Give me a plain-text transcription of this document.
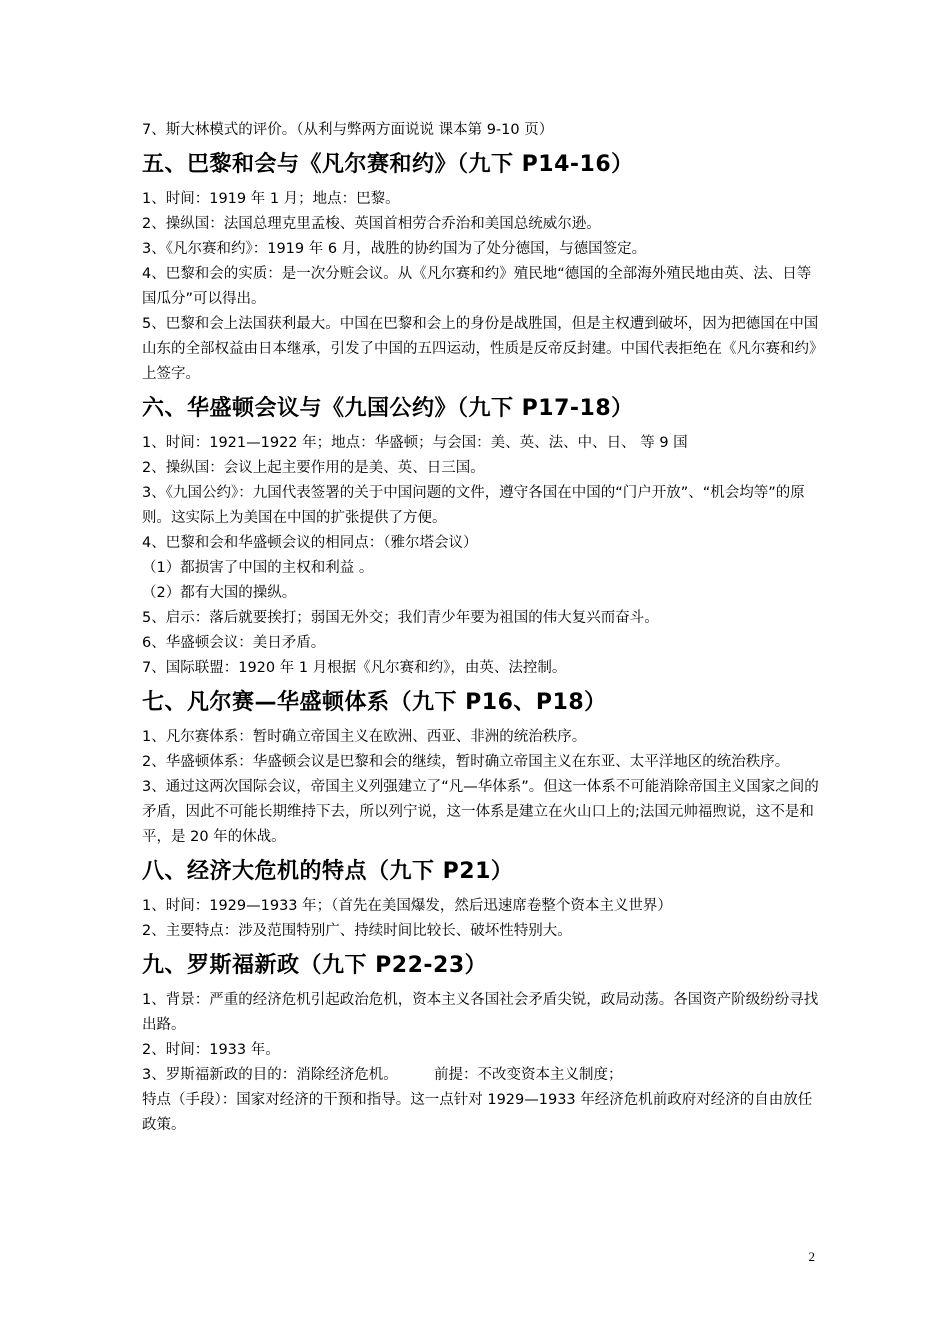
7、斯大林模式的评价。（从利与弊两方面说说 课本第 9-10 页）

五、巴黎和会与《凡尔赛和约》（九下 P14-16）

1、时间：1919 年 1 月；地点：巴黎。

2、操纵国：法国总理克里孟梭、英国首相劳合乔治和美国总统威尔逊。

3、《凡尔赛和约》：1919 年 6 月，战胜的协约国为了处分德国，与德国签定。

4、巴黎和会的实质：是一次分赃会议。从《凡尔赛和约》殖民地“德国的全部海外殖民地由英、法、日等国瓜分”可以得出。

5、巴黎和会上法国获利最大。中国在巴黎和会上的身份是战胜国，但是主权遭到破坏，因为把德国在中国山东的全部权益由日本继承，引发了中国的五四运动，性质是反帝反封建。中国代表拒绝在《凡尔赛和约》上签字。

六、华盛顿会议与《九国公约》（九下 P17-18）

1、时间：1921—1922 年；地点：华盛顿；与会国：美、英、法、中、日、 等 9 国

2、操纵国：会议上起主要作用的是美、英、日三国。

3、《九国公约》：九国代表签署的关于中国问题的文件，遵守各国在中国的“门户开放”、“机会均等”的原则。这实际上为美国在中国的扩张提供了方便。

4、巴黎和会和华盛顿会议的相同点：（雅尔塔会议）

（1）都损害了中国的主权和利益 。

（2）都有大国的操纵。

5、启示：落后就要挨打；弱国无外交；我们青少年要为祖国的伟大复兴而奋斗。

6、华盛顿会议：美日矛盾。

7、国际联盟：1920 年 1 月根据《凡尔赛和约》，由英、法控制。

七、凡尔赛—华盛顿体系（九下 P16、P18）

1、凡尔赛体系：暂时确立帝国主义在欧洲、西亚、非洲的统治秩序。

2、华盛顿体系：华盛顿会议是巴黎和会的继续，暂时确立帝国主义在东亚、太平洋地区的统治秩序。

3、通过这两次国际会议，帝国主义列强建立了“凡—华体系”。但这一体系不可能消除帝国主义国家之间的矛盾，因此不可能长期维持下去，所以列宁说，这一体系是建立在火山口上的;法国元帅福煦说，这不是和平，是 20 年的休战。

八、经济大危机的特点（九下 P21）

1、时间：1929—1933 年；（首先在美国爆发，然后迅速席卷整个资本主义世界）

2、主要特点：涉及范围特别广、持续时间比较长、破坏性特别大。

九、罗斯福新政（九下 P22-23）

1、背景：严重的经济危机引起政治危机，资本主义各国社会矛盾尖锐，政局动荡。各国资产阶级纷纷寻找出路。

2、时间：1933 年。

3、罗斯福新政的目的：消除经济危机。　　　前提：不改变资本主义制度；

特点（手段）：国家对经济的干预和指导。这一点针对 1929—1933 年经济危机前政府对经济的自由放任政策。

2
